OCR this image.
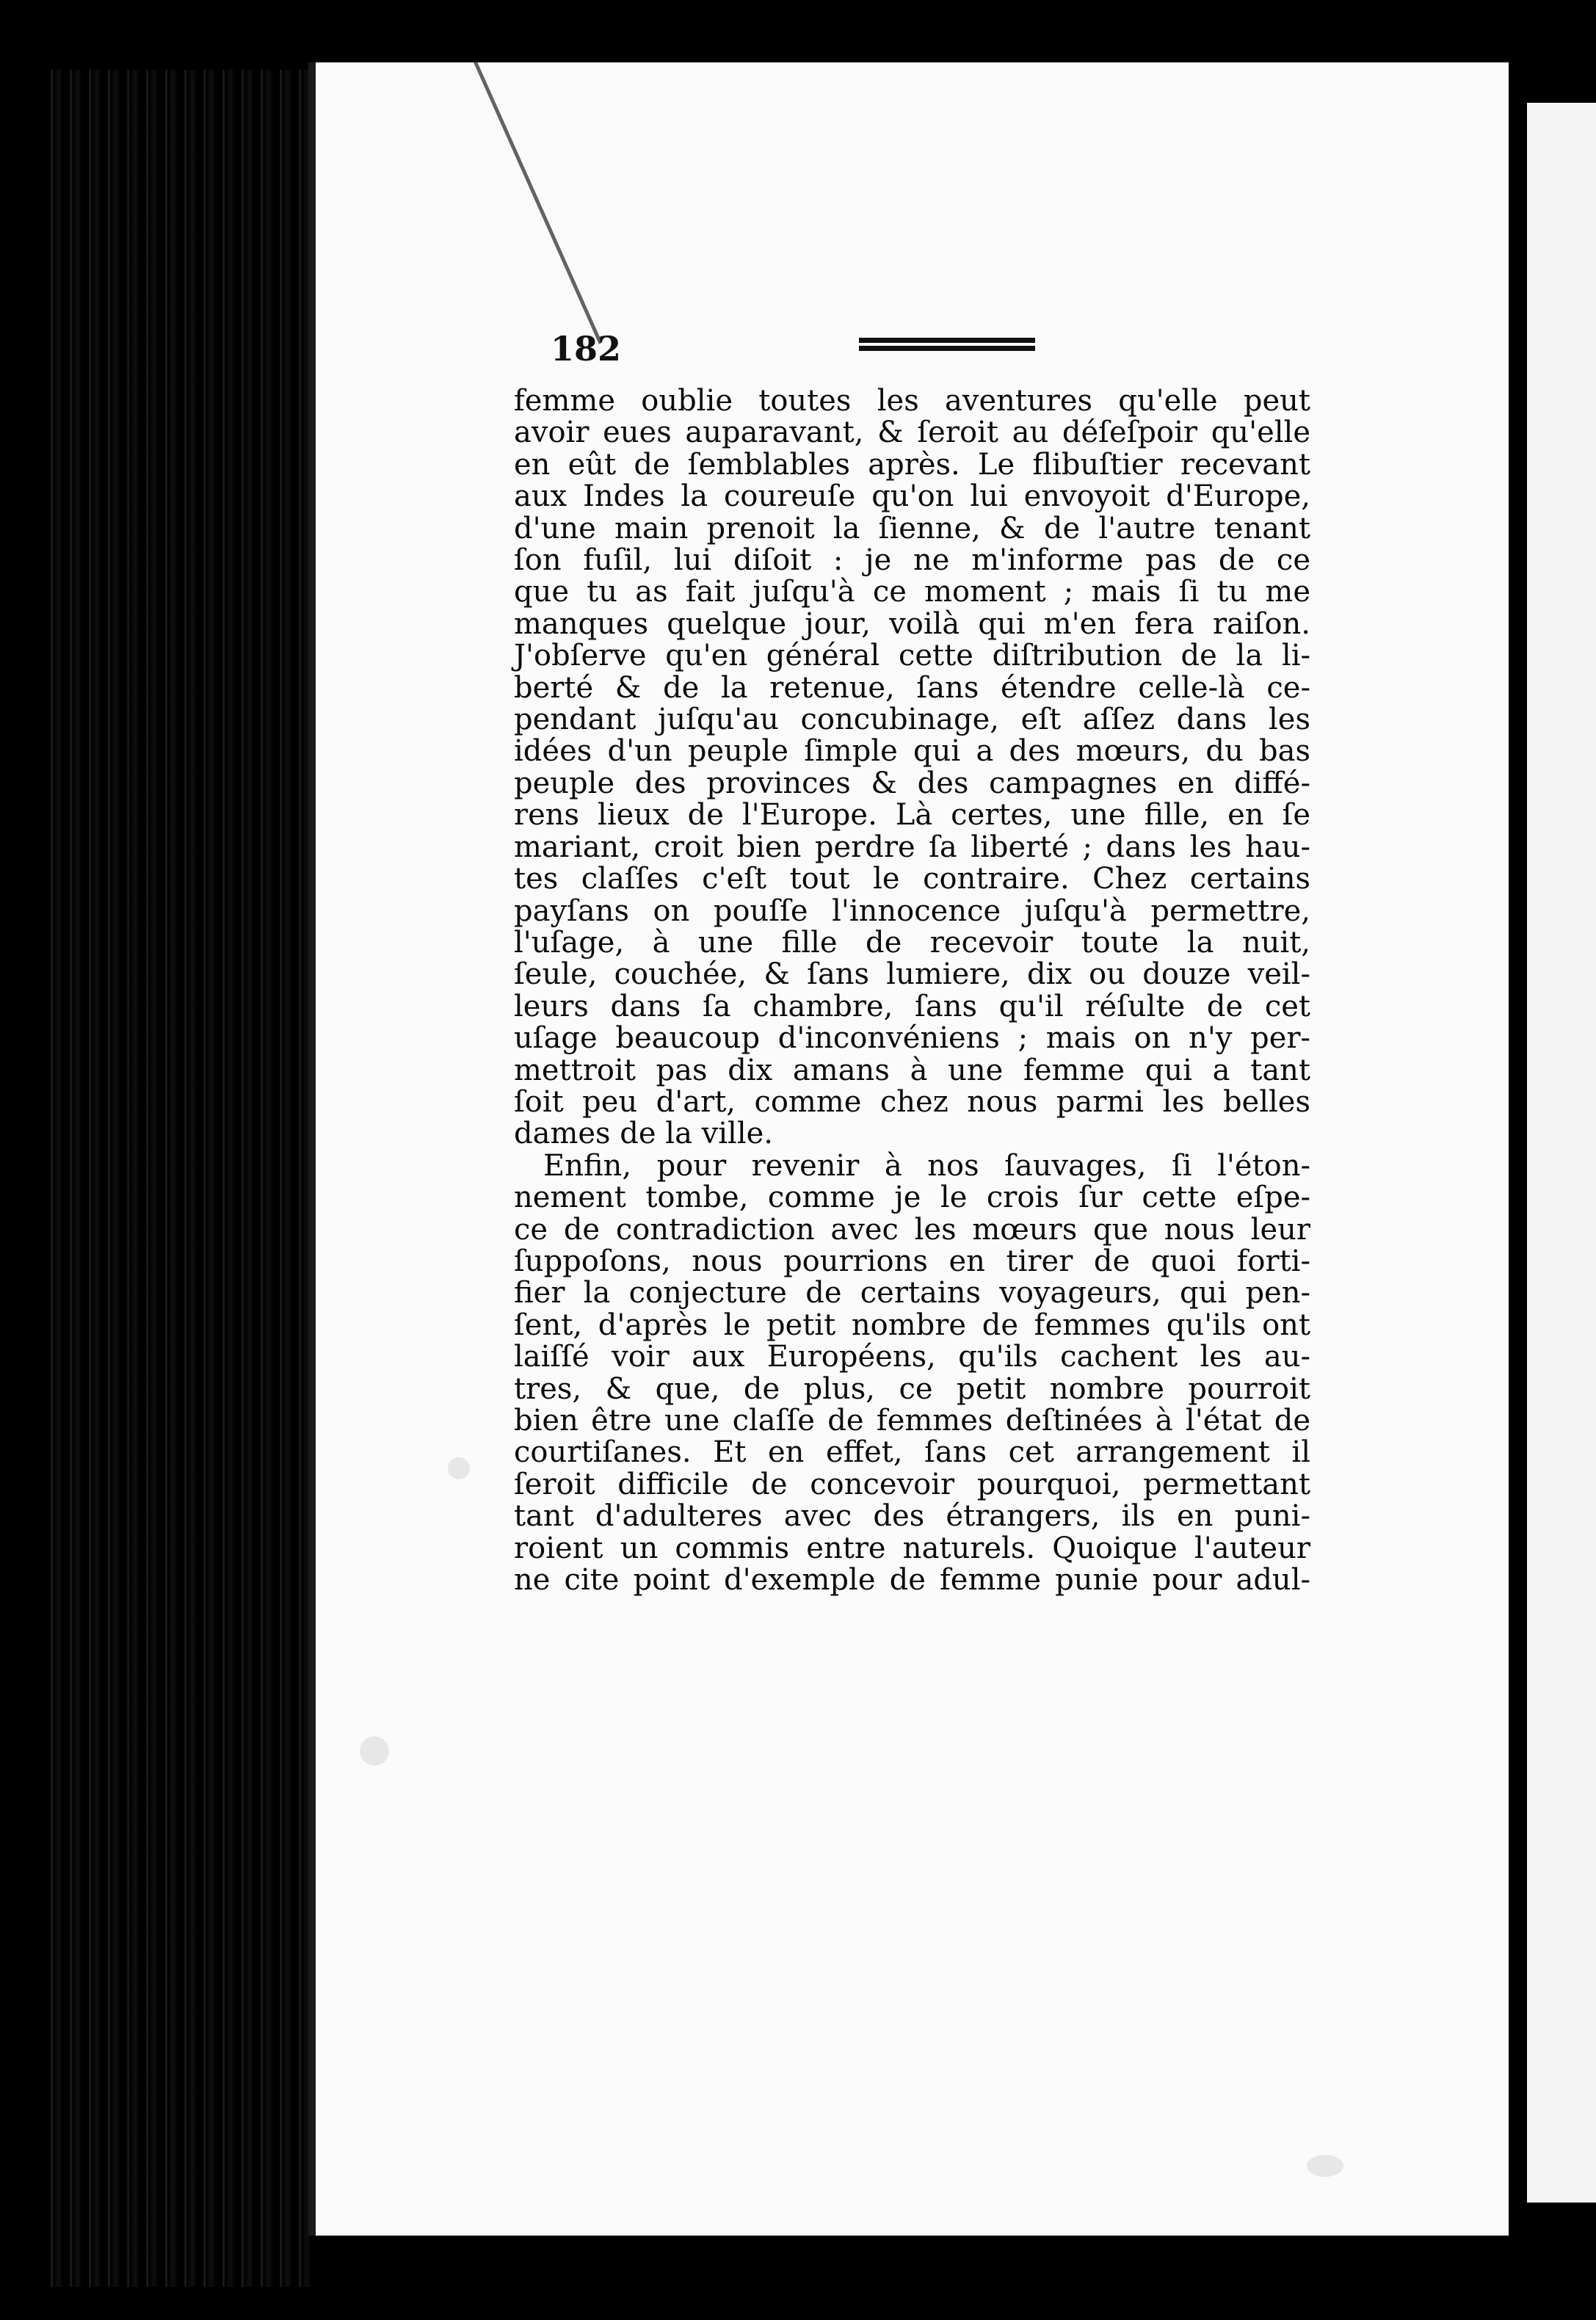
182
femme oublie toutes les aventures qu'elle peut
avoir eues auparavant, & ſeroit au déſeſpoir qu'elle
en eût de ſemblables après. Le flibuſtier recevant
aux Indes la coureuſe qu'on lui envoyoit d'Europe,
d'une main prenoit la ſienne, & de l'autre tenant
ſon fuſil, lui diſoit : je ne m'informe pas de ce
que tu as fait juſqu'à ce moment ; mais ſi tu me
manques quelque jour, voilà qui m'en fera raiſon.
J'obſerve qu'en général cette diſtribution de la li-
berté & de la retenue, ſans étendre celle-là ce-
pendant juſqu'au concubinage, eſt aſſez dans les
idées d'un peuple ſimple qui a des mœurs, du bas
peuple des provinces & des campagnes en diffé-
rens lieux de l'Europe. Là certes, une fille, en ſe
mariant, croit bien perdre ſa liberté ; dans les hau-
tes claſſes c'eſt tout le contraire. Chez certains
payſans on pouſſe l'innocence juſqu'à permettre,
l'uſage, à une fille de recevoir toute la nuit,
ſeule, couchée, & ſans lumiere, dix ou douze veil-
leurs dans ſa chambre, ſans qu'il réſulte de cet
uſage beaucoup d'inconvéniens ; mais on n'y per-
mettroit pas dix amans à une femme qui a tant
ſoit peu d'art, comme chez nous parmi les belles
dames de la ville.
Enfin, pour revenir à nos ſauvages, ſi l'éton-
nement tombe, comme je le crois ſur cette eſpe-
ce de contradiction avec les mœurs que nous leur
ſuppoſons, nous pourrions en tirer de quoi forti-
fier la conjecture de certains voyageurs, qui pen-
ſent, d'après le petit nombre de femmes qu'ils ont
laiſſé voir aux Européens, qu'ils cachent les au-
tres, & que, de plus, ce petit nombre pourroit
bien être une claſſe de femmes deſtinées à l'état de
courtiſanes. Et en effet, ſans cet arrangement il
ſeroit difficile de concevoir pourquoi, permettant
tant d'adulteres avec des étrangers, ils en puni-
roient un commis entre naturels. Quoique l'auteur
ne cite point d'exemple de femme punie pour adul-
